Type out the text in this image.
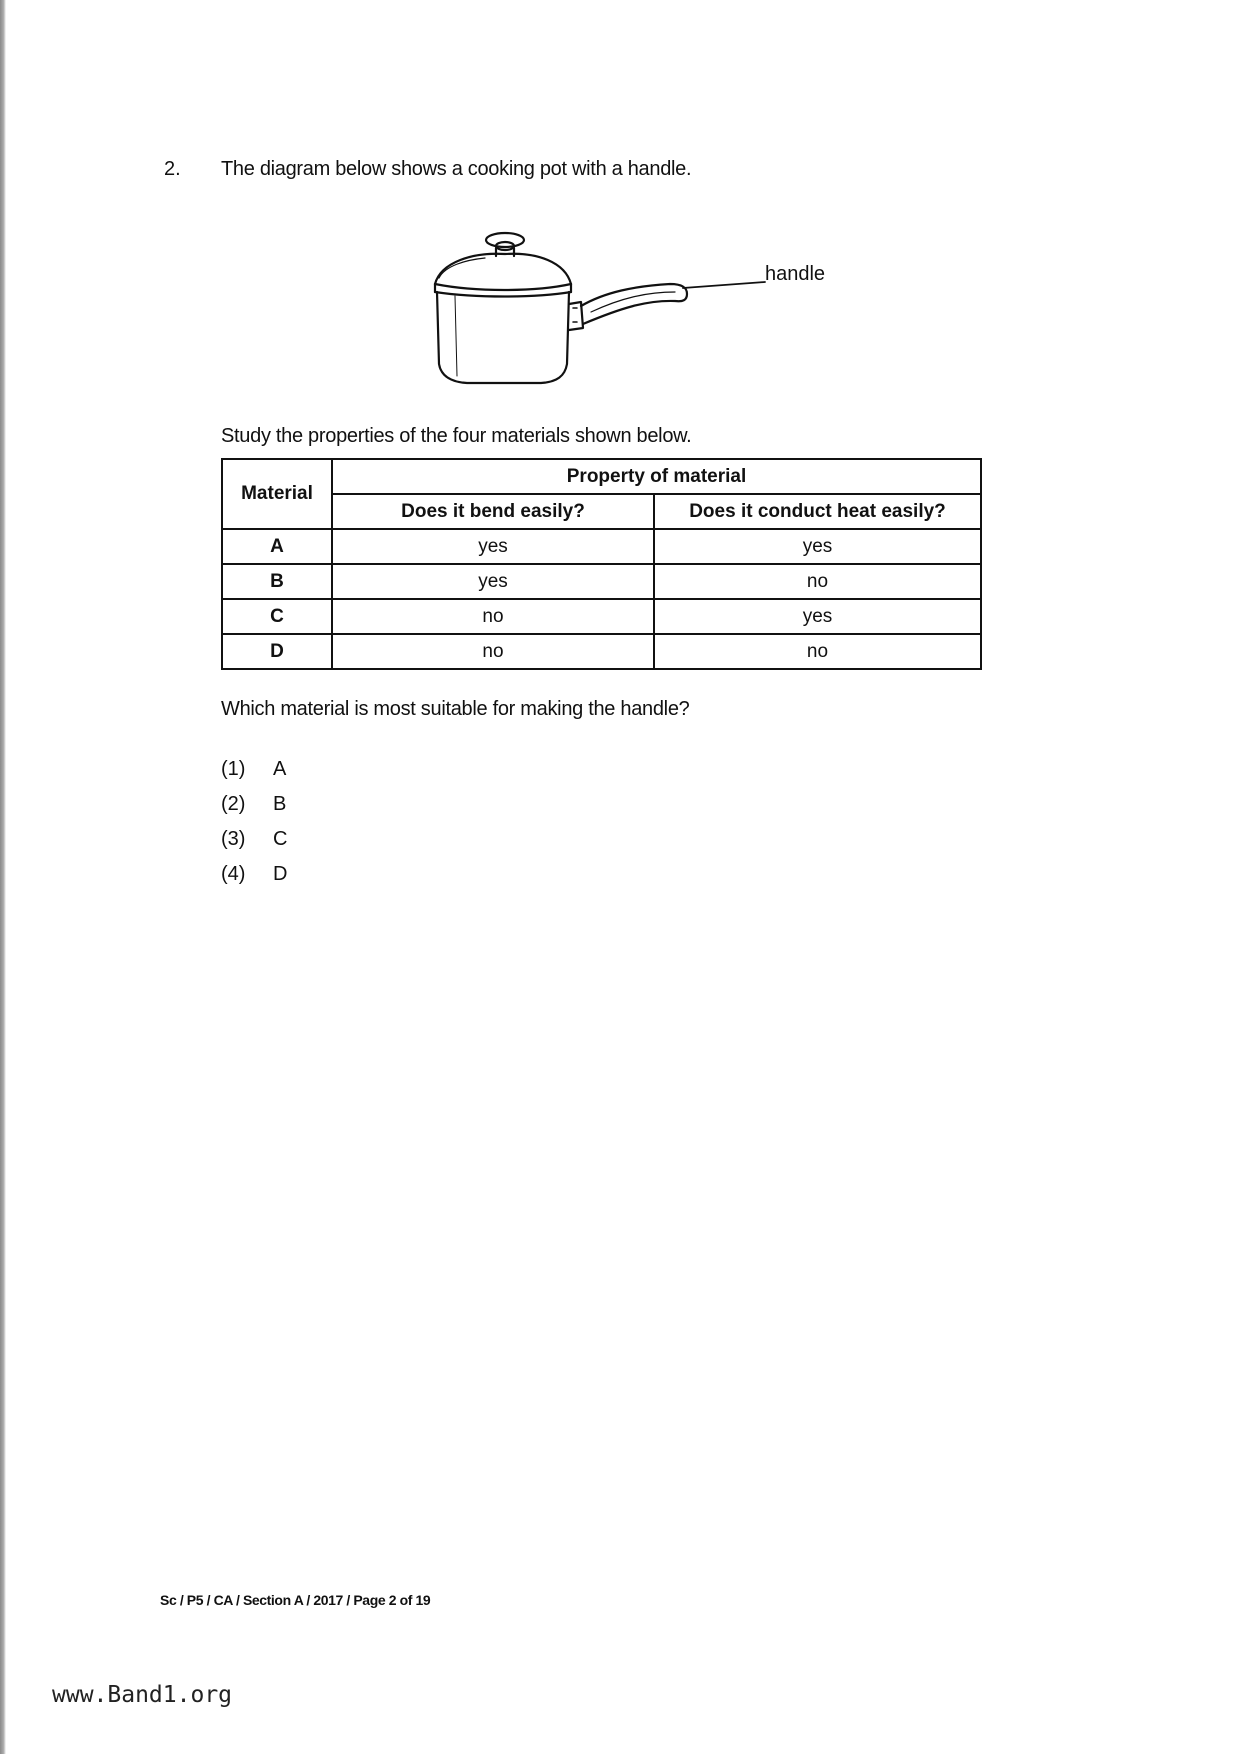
2. The diagram below shows a cooking pot with a handle.
handle
Study the properties of the four materials shown below.
Material	Property of material	
	Does it bend easily?	Does it conduct heat easily?
A	yes	yes
B	yes	no
C	no	yes
D	no	no
Which material is most suitable for making the handle?
(1)	A
(2)	B
(3)	C
(4)	D
Sc / P5 / CA / Section A / 2017 / Page 2 of 19
www.Band1.org
